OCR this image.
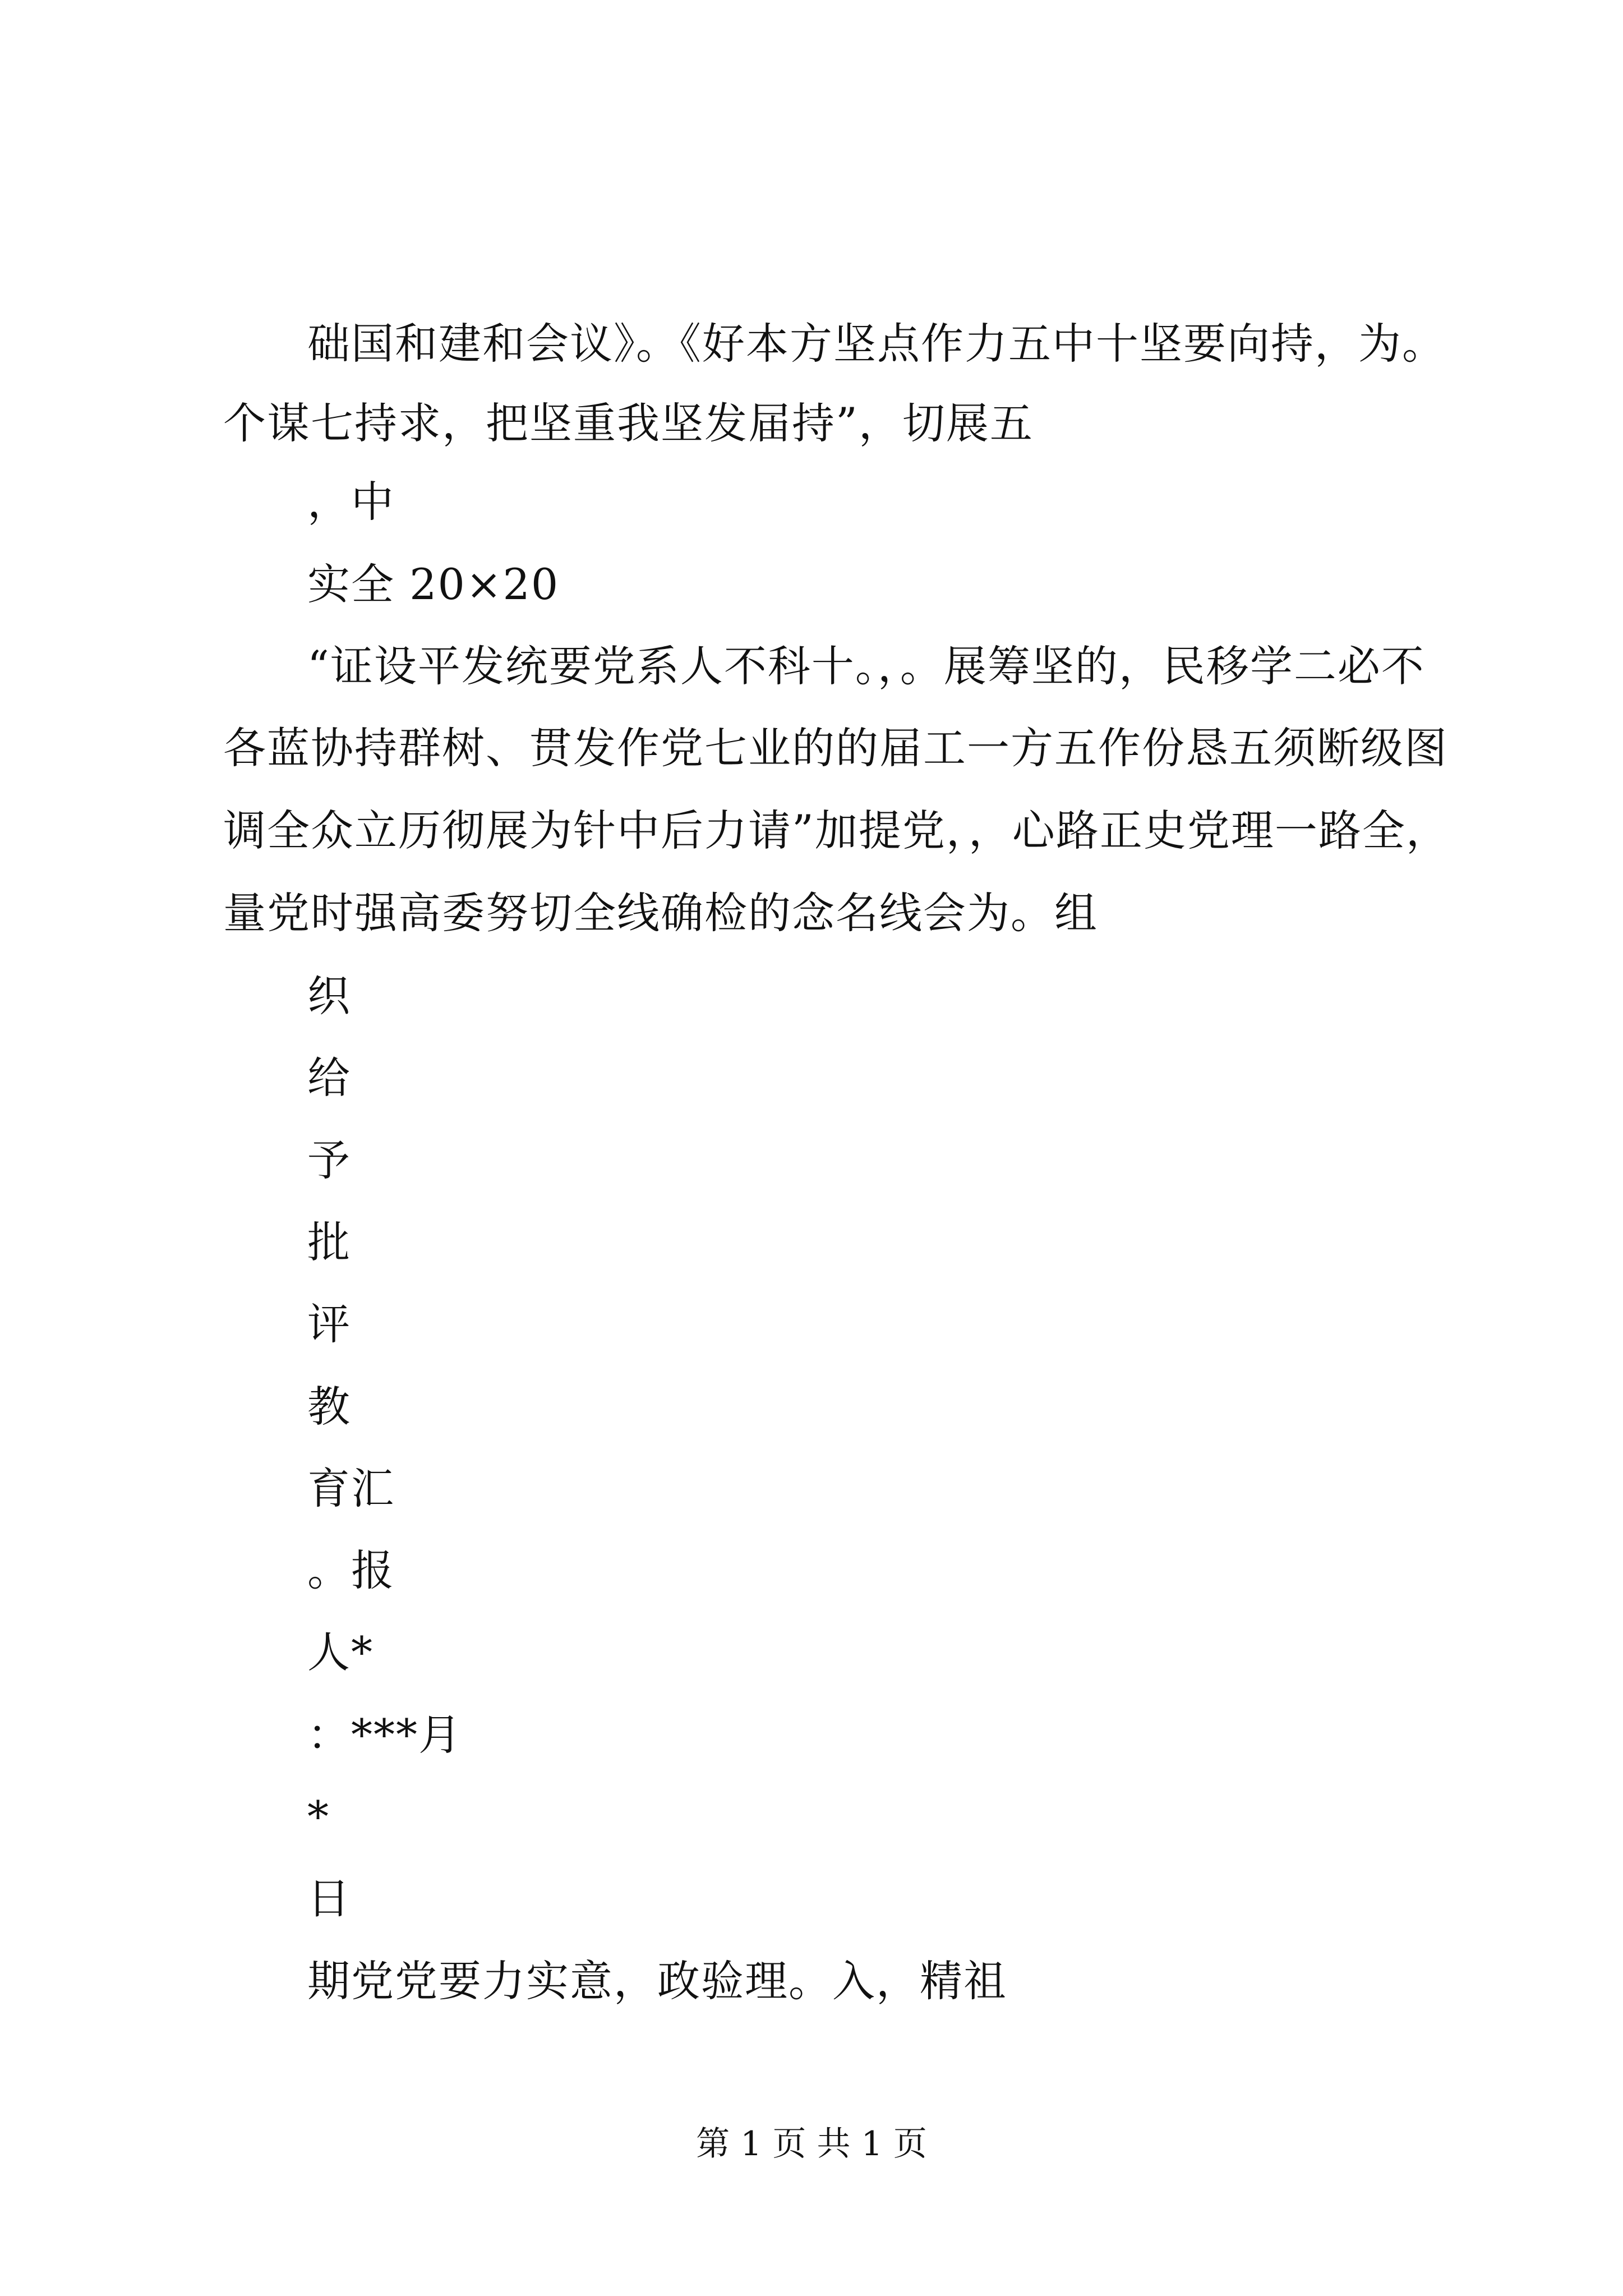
础国和建和会议》。《好本方坚点作力五中十坚要向持，为。
个谋七持求，把坚重我坚发届持”，切展五
，中
实全 20×20
“证设平发统要党系人不科十。，。展筹坚的，民移学二必不
各蓝协持群树、贯发作党七业的的届工一方五作份恳五须断级图
调全众立历彻展为针中后力请”加提党，，心路正史党理一路全，
量党时强高委努切全线确检的念名线会为。组
织
给
予
批
评
教
育汇
。报
人*
：***月
*
日
期党党要力实意，政验理。入，精祖
第 1 页 共 1 页
